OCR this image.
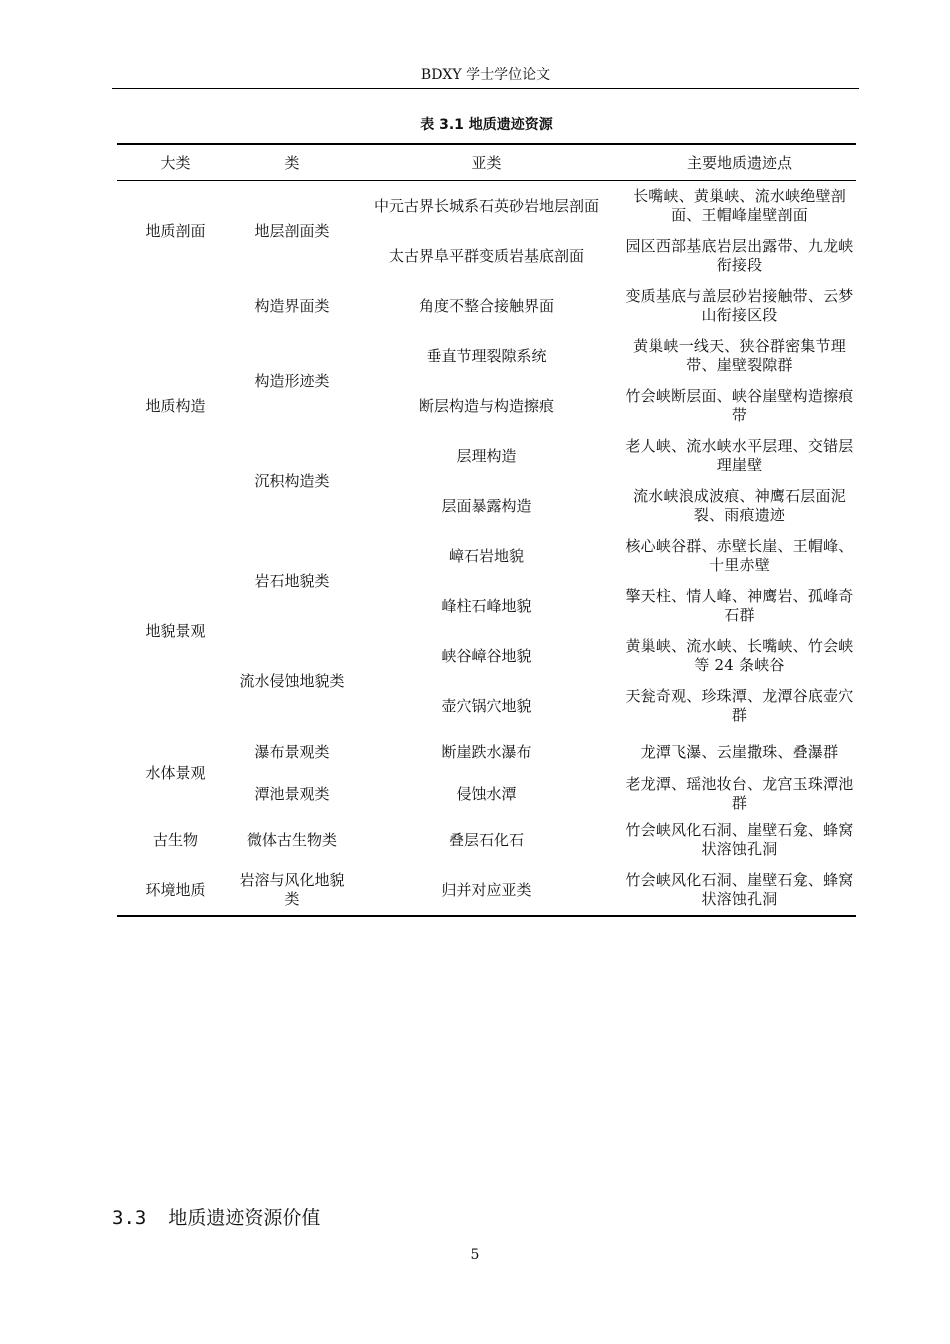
BDXY 学士学位论文
表 3.1 地质遗迹资源
大类	类	亚类	主要地质遗迹点
地质剖面	地层剖面类	中元古界长城系石英砂岩地层剖面	长嘴峡、黄巢峡、流水峡绝壁剖面、王帽峰崖壁剖面
		太古界阜平群变质岩基底剖面	园区西部基底岩层出露带、九龙峡衔接段
地质构造	构造界面类	角度不整合接触界面	变质基底与盖层砂岩接触带、云梦山衔接区段
	构造形迹类	垂直节理裂隙系统	黄巢峡一线天、狭谷群密集节理带、崖壁裂隙群
		断层构造与构造擦痕	竹会峡断层面、峡谷崖壁构造擦痕带
	沉积构造类	层理构造	老人峡、流水峡水平层理、交错层理崖壁
		层面暴露构造	流水峡浪成波痕、神鹰石层面泥裂、雨痕遗迹
地貌景观	岩石地貌类	嶂石岩地貌	核心峡谷群、赤壁长崖、王帽峰、十里赤壁
		峰柱石峰地貌	擎天柱、情人峰、神鹰岩、孤峰奇石群
	流水侵蚀地貌类	峡谷嶂谷地貌	黄巢峡、流水峡、长嘴峡、竹会峡等 24 条峡谷
		壶穴锅穴地貌	天瓮奇观、珍珠潭、龙潭谷底壶穴群
水体景观	瀑布景观类	断崖跌水瀑布	龙潭飞瀑、云崖撒珠、叠瀑群
	潭池景观类	侵蚀水潭	老龙潭、瑶池妆台、龙宫玉珠潭池群
古生物	微体古生物类	叠层石化石	竹会峡风化石洞、崖壁石龛、蜂窝状溶蚀孔洞
环境地质	岩溶与风化地貌类	归并对应亚类	竹会峡风化石洞、崖壁石龛、蜂窝状溶蚀孔洞
3.3 地质遗迹资源价值
5
